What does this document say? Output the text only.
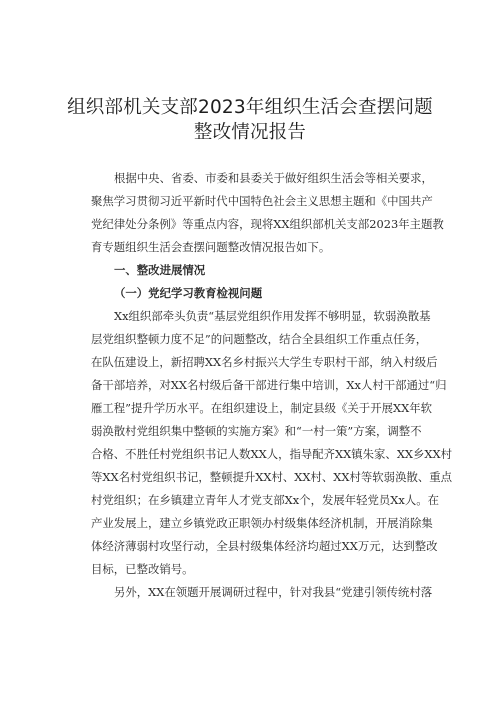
组织部机关支部2023年组织生活会查摆问题
整改情况报告
根据中央、省委、市委和县委关于做好组织生活会等相关要求，
聚焦学习贯彻习近平新时代中国特色社会主义思想主题和《中国共产
党纪律处分条例》等重点内容，现将XX组织部机关支部2023年主题教
育专题组织生活会查摆问题整改情况报告如下。
一、整改进展情况
（一）党纪学习教育检视问题
Xx组织部牵头负责“基层党组织作用发挥不够明显，软弱涣散基
层党组织整顿力度不足”的问题整改，结合全县组织工作重点任务，
在队伍建设上，新招聘XX名乡村振兴大学生专职村干部，纳入村级后
备干部培养，对XX名村级后备干部进行集中培训，Xx人村干部通过“归
雁工程”提升学历水平。在组织建设上，制定县级《关于开展XX年软
弱涣散村党组织集中整顿的实施方案》和“一村一策”方案，调整不
合格、不胜任村党组织书记人数XX人，指导配齐XX镇朱家、XX乡XX村
等XX名村党组织书记，整顿提升XX村、XX村、XX村等软弱涣散、重点
村党组织；在乡镇建立青年人才党支部Xx个，发展年轻党员Xx人。在
产业发展上，建立乡镇党政正职领办村级集体经济机制，开展消除集
体经济薄弱村攻坚行动，全县村级集体经济均超过XX万元，达到整改
目标，已整改销号。
另外，XX在领题开展调研过程中，针对我县“党建引领传统村落
